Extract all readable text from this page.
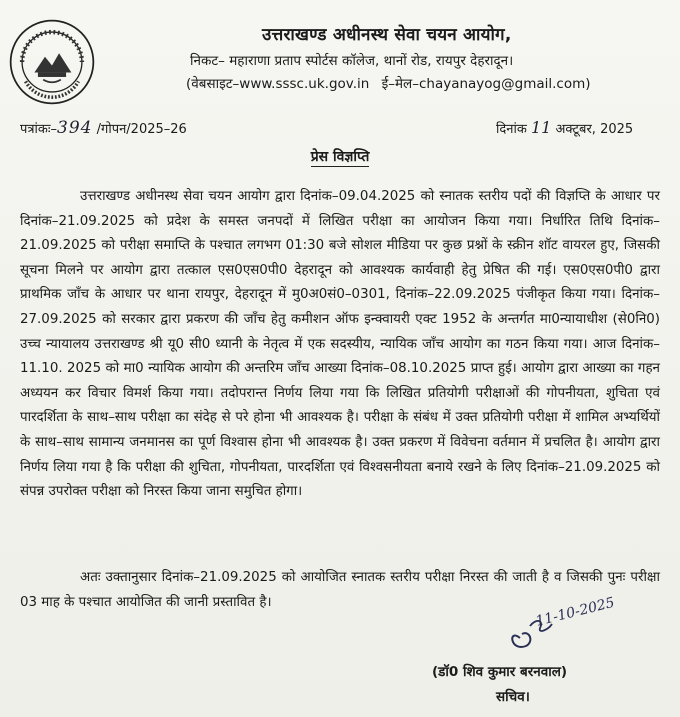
उत्तराखण्ड अधीनस्थ सेवा चयन आयोग,
निकट– महाराणा प्रताप स्पोर्टस कॉलेज, थानों रोड, रायपुर देहरादून।
(वेबसाइट–www.sssc.uk.gov.in ई–मेल–chayanayog@gmail.com)
पत्रांकः–394 /गोपन/2025–26	दिनांक 11 अक्टूबर, 2025
प्रेस विज्ञप्ति
उत्तराखण्ड अधीनस्थ सेवा चयन आयोग द्वारा दिनांक–09.04.2025 को स्नातक स्तरीय पदों की विज्ञप्ति के आधार पर दिनांक–21.09.2025 को प्रदेश के समस्त जनपदों में लिखित परीक्षा का आयोजन किया गया। निर्धारित तिथि दिनांक–21.09.2025 को परीक्षा समाप्ति के पश्चात लगभग 01:30 बजे सोशल मीडिया पर कुछ प्रश्नों के स्क्रीन शॉट वायरल हुए, जिसकी सूचना मिलने पर आयोग द्वारा तत्काल एस0एस0पी0 देहरादून को आवश्यक कार्यवाही हेतु प्रेषित की गई। एस0एस0पी0 द्वारा प्राथमिक जाँच के आधार पर थाना रायपुर, देहरादून में मु0अ0सं0–0301, दिनांक–22.09.2025 पंजीकृत किया गया। दिनांक–27.09.2025 को सरकार द्वारा प्रकरण की जाँच हेतु कमीशन ऑफ इन्क्वायरी एक्ट 1952 के अन्तर्गत मा0न्यायाधीश (से0नि0) उच्च न्यायालय उत्तराखण्ड श्री यू0 सी0 ध्यानी के नेतृत्व में एक सदस्यीय, न्यायिक जाँच आयोग का गठन किया गया। आज दिनांक–11.10. 2025 को मा0 न्यायिक आयोग की अन्तरिम जाँच आख्या दिनांक–08.10.2025 प्राप्त हुई। आयोग द्वारा आख्या का गहन अध्ययन कर विचार विमर्श किया गया। तदोपरान्त निर्णय लिया गया कि लिखित प्रतियोगी परीक्षाओं की गोपनीयता, शुचिता एवं पारदर्शिता के साथ–साथ परीक्षा का संदेह से परे होना भी आवश्यक है। परीक्षा के संबंध में उक्त प्रतियोगी परीक्षा में शामिल अभ्यर्थियों के साथ–साथ सामान्य जनमानस का पूर्ण विश्वास होना भी आवश्यक है। उक्त प्रकरण में विवेचना वर्तमान में प्रचलित है। आयोग द्वारा निर्णय लिया गया है कि परीक्षा की शुचिता, गोपनीयता, पारदर्शिता एवं विश्वसनीयता बनाये रखने के लिए दिनांक–21.09.2025 को संपन्न उपरोक्त परीक्षा को निरस्त किया जाना समुचित होगा।
अतः उक्तानुसार दिनांक–21.09.2025 को आयोजित स्नातक स्तरीय परीक्षा निरस्त की जाती है व जिसकी पुनः परीक्षा 03 माह के पश्चात आयोजित की जानी प्रस्तावित है।	11-10-2025
(डॉ0 शिव कुमार बरनवाल)
सचिव।
